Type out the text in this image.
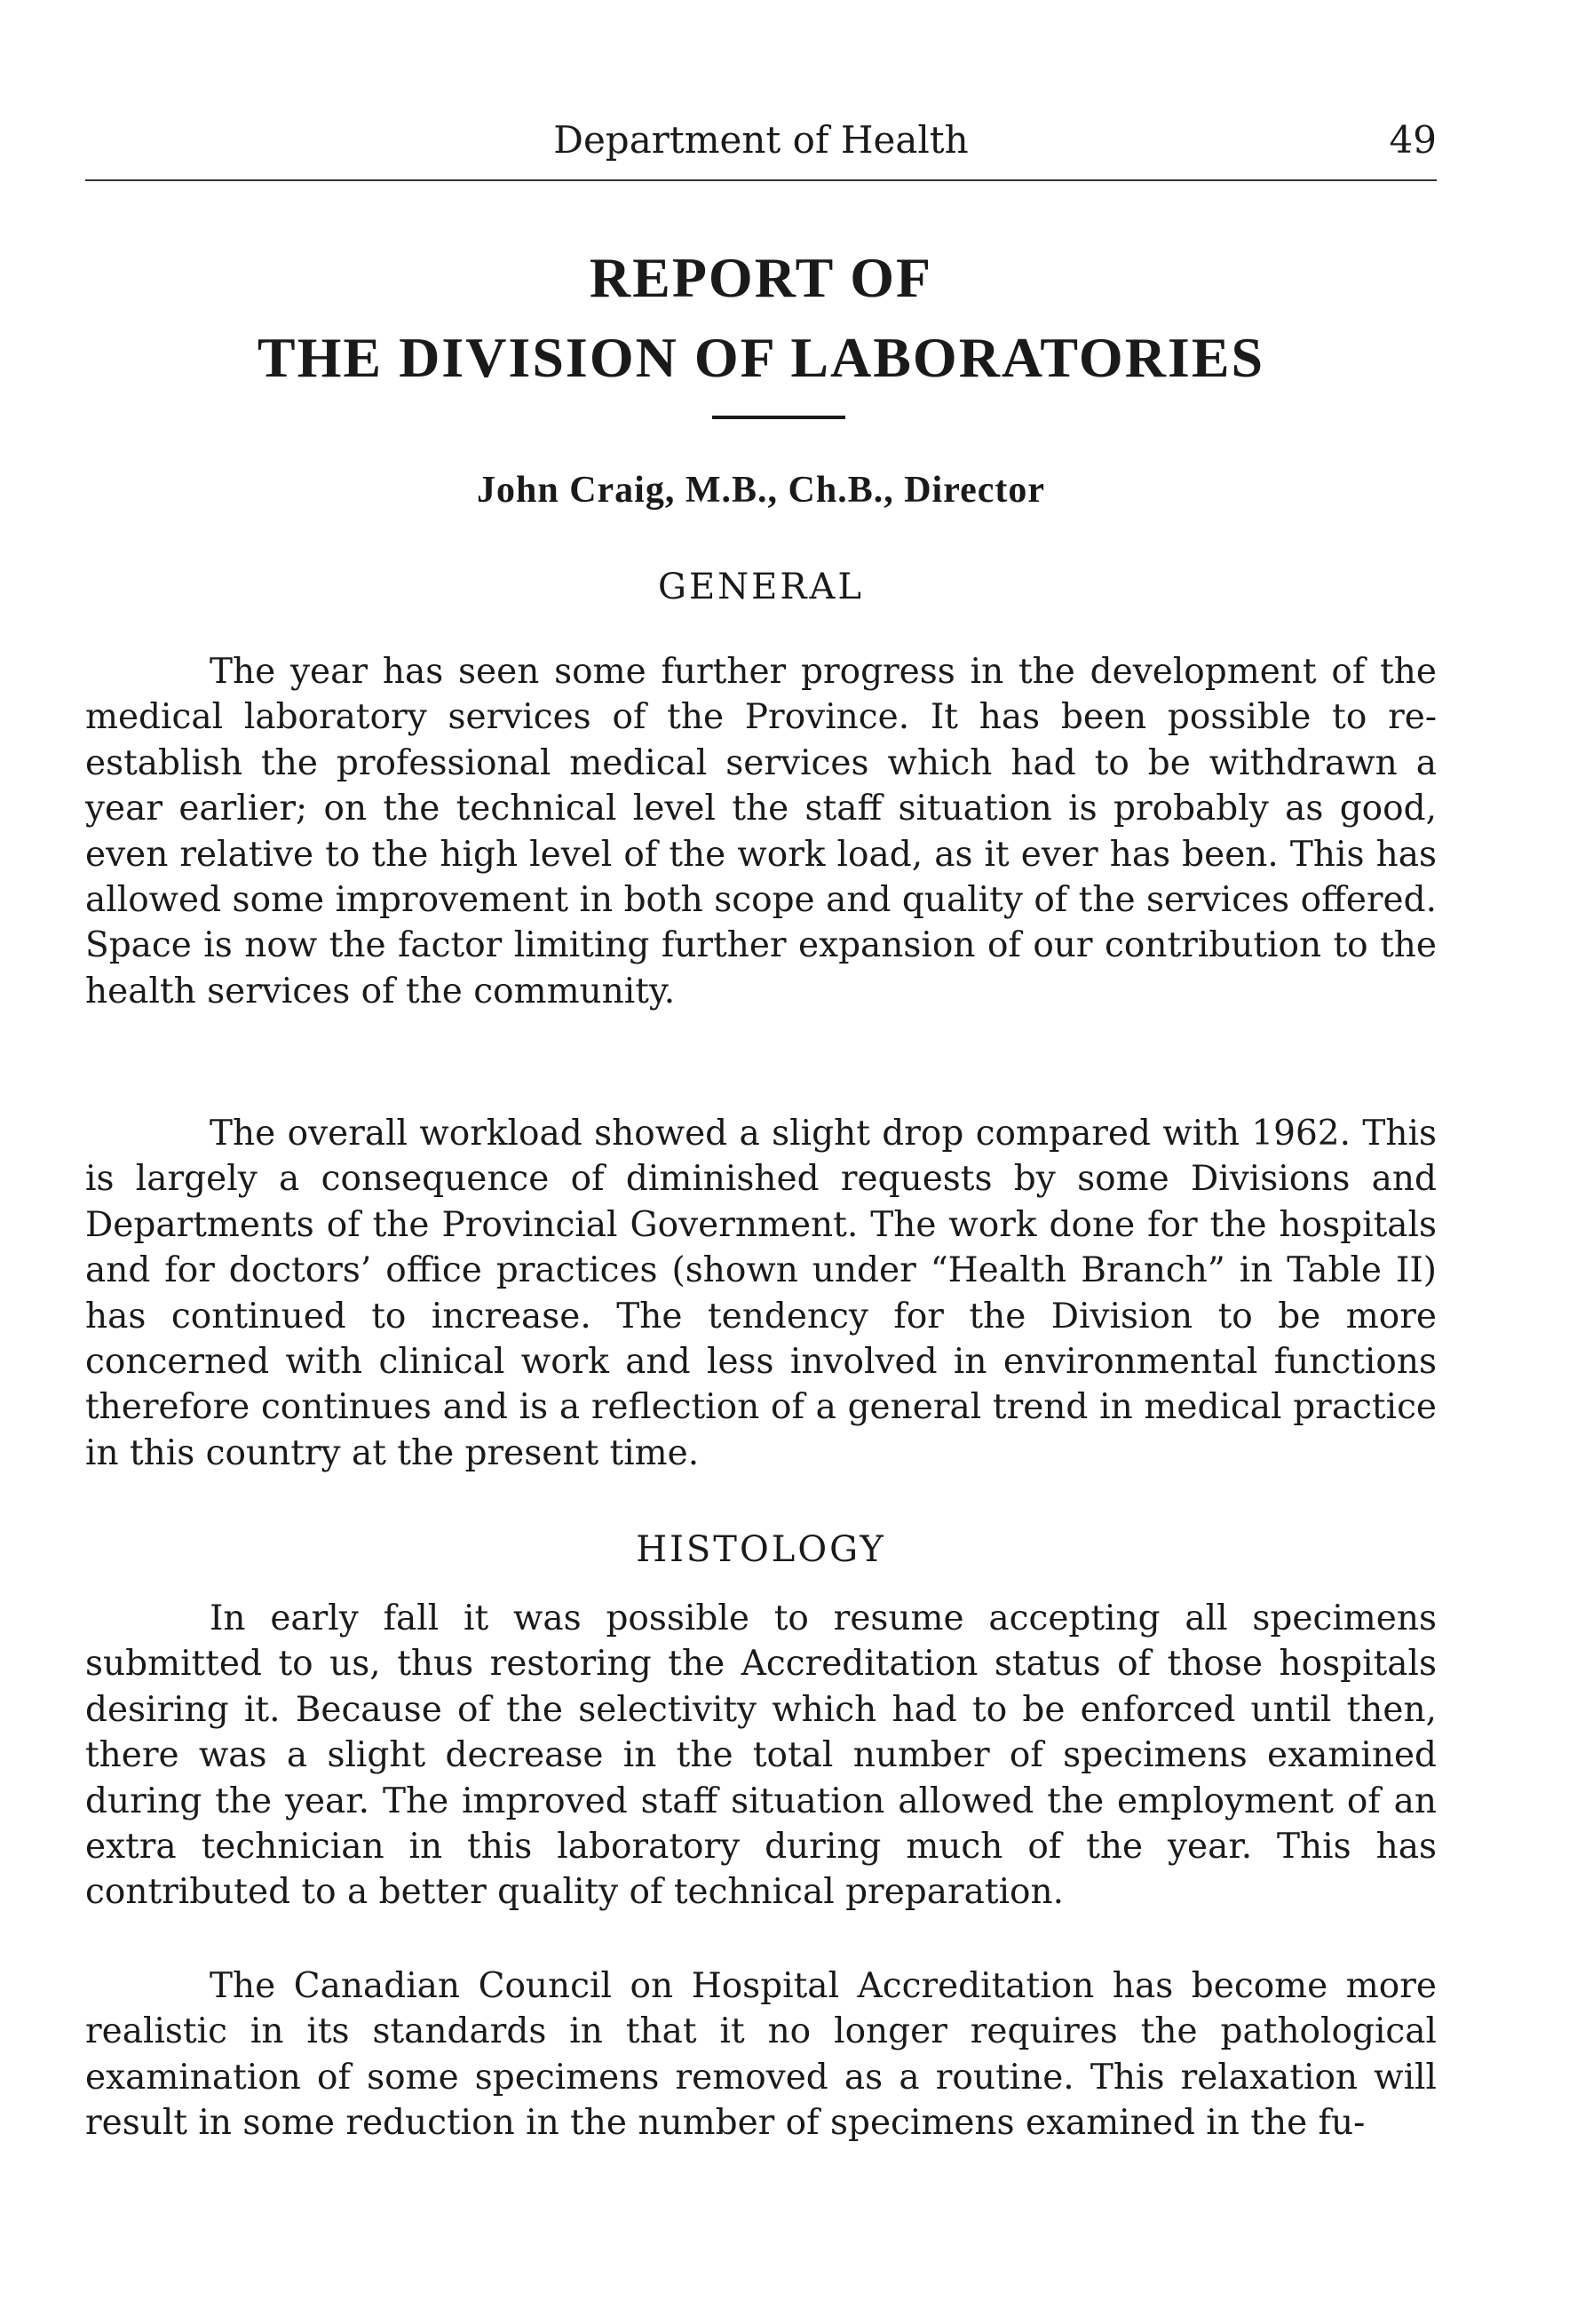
Department of Health	49
REPORT OF
THE DIVISION OF LABORATORIES
John Craig, M.B., Ch.B., Director
GENERAL

The year has seen some further progress in the development of the medical laboratory services of the Province. It has been possible to re-establish the professional medical services which had to be withdrawn a year earlier; on the technical level the staff situation is probably as good, even relative to the high level of the work load, as it ever has been. This has allowed some improvement in both scope and quality of the services offered. Space is now the factor limiting further expansion of our contribution to the health services of the community.

The overall workload showed a slight drop compared with 1962. This is largely a consequence of diminished requests by some Divisions and Departments of the Provincial Government. The work done for the hospitals and for doctors’ office practices (shown under “Health Branch” in Table II) has continued to increase. The tendency for the Division to be more concerned with clinical work and less involved in environmental functions therefore continues and is a reflection of a general trend in medical practice in this country at the present time.

HISTOLOGY

In early fall it was possible to resume accepting all specimens submitted to us, thus restoring the Accreditation status of those hospitals desiring it. Because of the selectivity which had to be enforced until then, there was a slight decrease in the total number of specimens examined during the year. The improved staff situation allowed the employment of an extra technician in this laboratory during much of the year. This has contributed to a better quality of technical preparation.

The Canadian Council on Hospital Accreditation has become more realistic in its standards in that it no longer requires the pathological examination of some specimens removed as a routine. This relaxation will result in some reduction in the number of specimens examined in the fu-
